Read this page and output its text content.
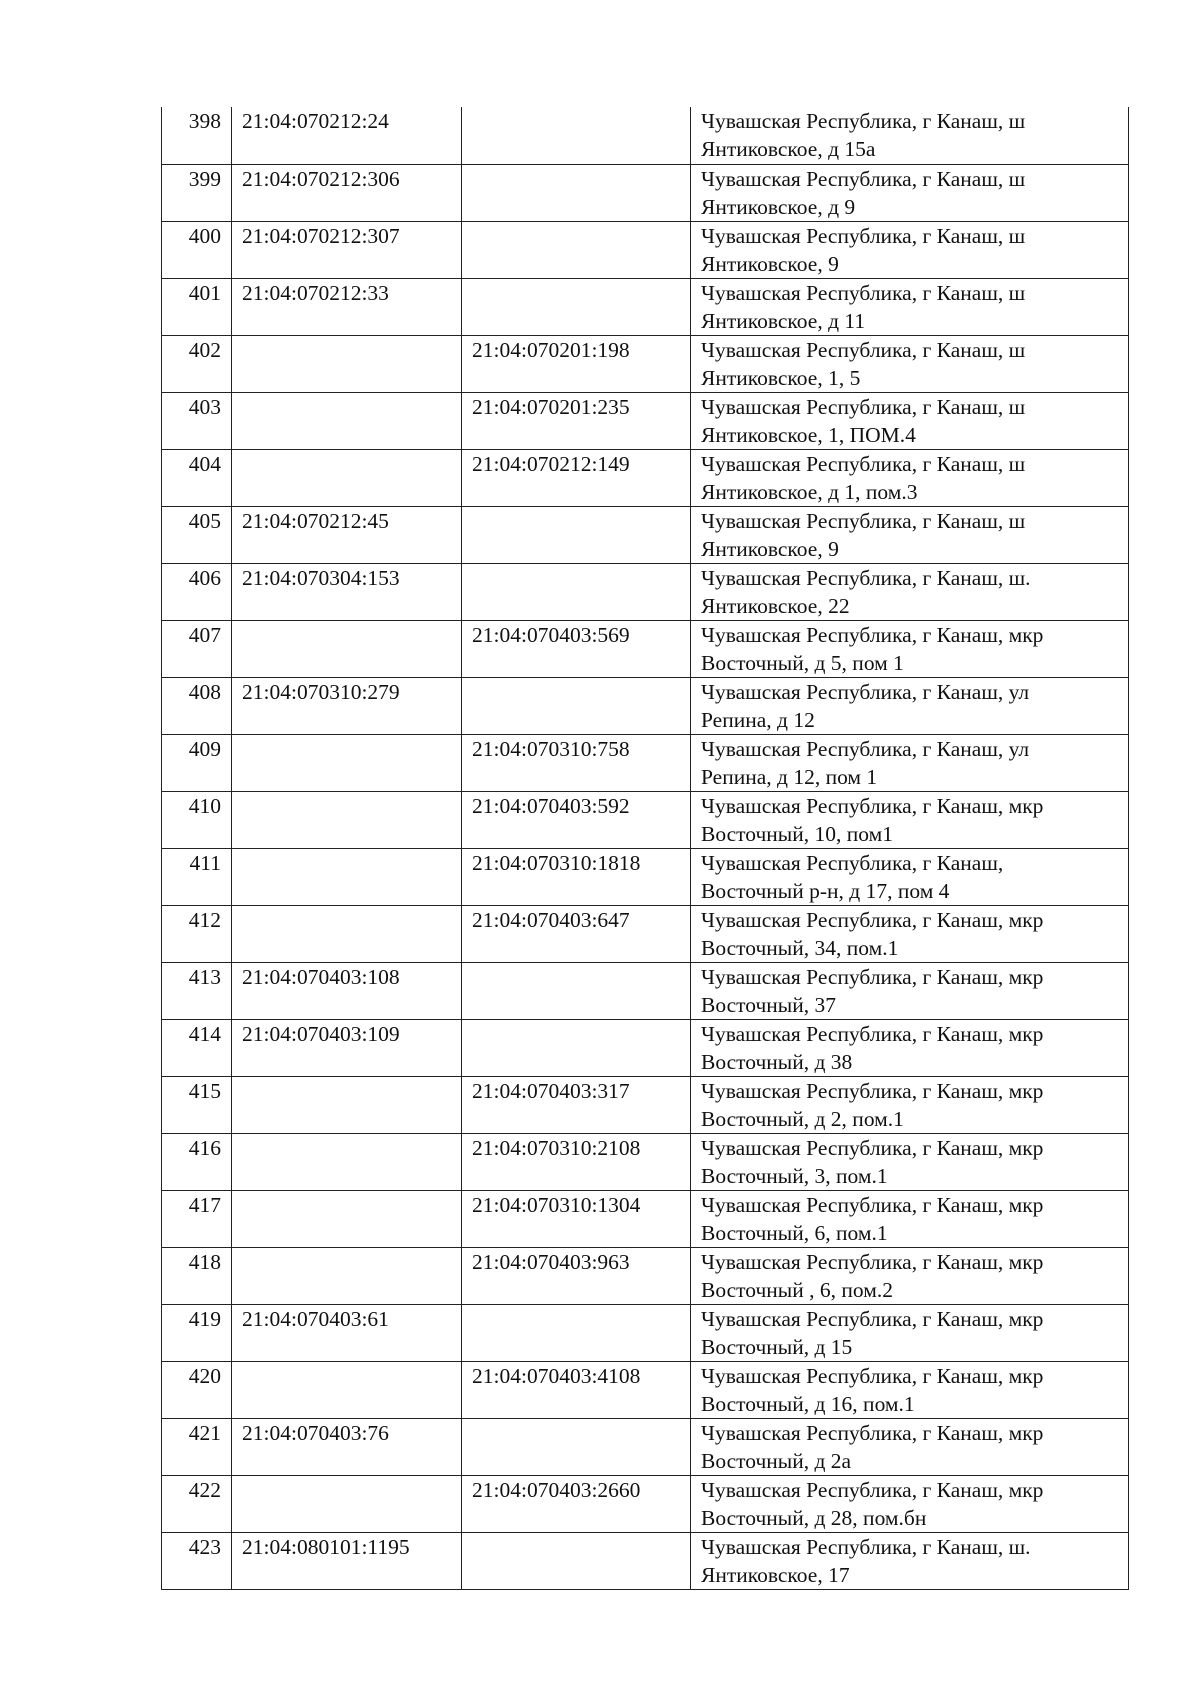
398	21:04:070212:24		Чувашская Республика, г Канаш, ш
Янтиковское, д 15а
399	21:04:070212:306		Чувашская Республика, г Канаш, ш
Янтиковское, д 9
400	21:04:070212:307		Чувашская Республика, г Канаш, ш
Янтиковское, 9
401	21:04:070212:33		Чувашская Республика, г Канаш, ш
Янтиковское, д 11
402		21:04:070201:198	Чувашская Республика, г Канаш, ш
Янтиковское, 1, 5
403		21:04:070201:235	Чувашская Республика, г Канаш, ш
Янтиковское, 1, ПОМ.4
404		21:04:070212:149	Чувашская Республика, г Канаш, ш
Янтиковское, д 1, пом.3
405	21:04:070212:45		Чувашская Республика, г Канаш, ш
Янтиковское, 9
406	21:04:070304:153		Чувашская Республика, г Канаш, ш.
Янтиковское, 22
407		21:04:070403:569	Чувашская Республика, г Канаш, мкр
Восточный, д 5, пом 1
408	21:04:070310:279		Чувашская Республика, г Канаш, ул
Репина, д 12
409		21:04:070310:758	Чувашская Республика, г Канаш, ул
Репина, д 12, пом 1
410		21:04:070403:592	Чувашская Республика, г Канаш, мкр
Восточный, 10, пом1
411		21:04:070310:1818	Чувашская Республика, г Канаш,
Восточный р-н, д 17, пом 4
412		21:04:070403:647	Чувашская Республика, г Канаш, мкр
Восточный, 34, пом.1
413	21:04:070403:108		Чувашская Республика, г Канаш, мкр
Восточный, 37
414	21:04:070403:109		Чувашская Республика, г Канаш, мкр
Восточный, д 38
415		21:04:070403:317	Чувашская Республика, г Канаш, мкр
Восточный, д 2, пом.1
416		21:04:070310:2108	Чувашская Республика, г Канаш, мкр
Восточный, 3, пом.1
417		21:04:070310:1304	Чувашская Республика, г Канаш, мкр
Восточный, 6, пом.1
418		21:04:070403:963	Чувашская Республика, г Канаш, мкр
Восточный , 6, пом.2
419	21:04:070403:61		Чувашская Республика, г Канаш, мкр
Восточный, д 15
420		21:04:070403:4108	Чувашская Республика, г Канаш, мкр
Восточный, д 16, пом.1
421	21:04:070403:76		Чувашская Республика, г Канаш, мкр
Восточный, д 2а
422		21:04:070403:2660	Чувашская Республика, г Канаш, мкр
Восточный, д 28, пом.бн
423	21:04:080101:1195		Чувашская Республика, г Канаш, ш.
Янтиковское, 17
